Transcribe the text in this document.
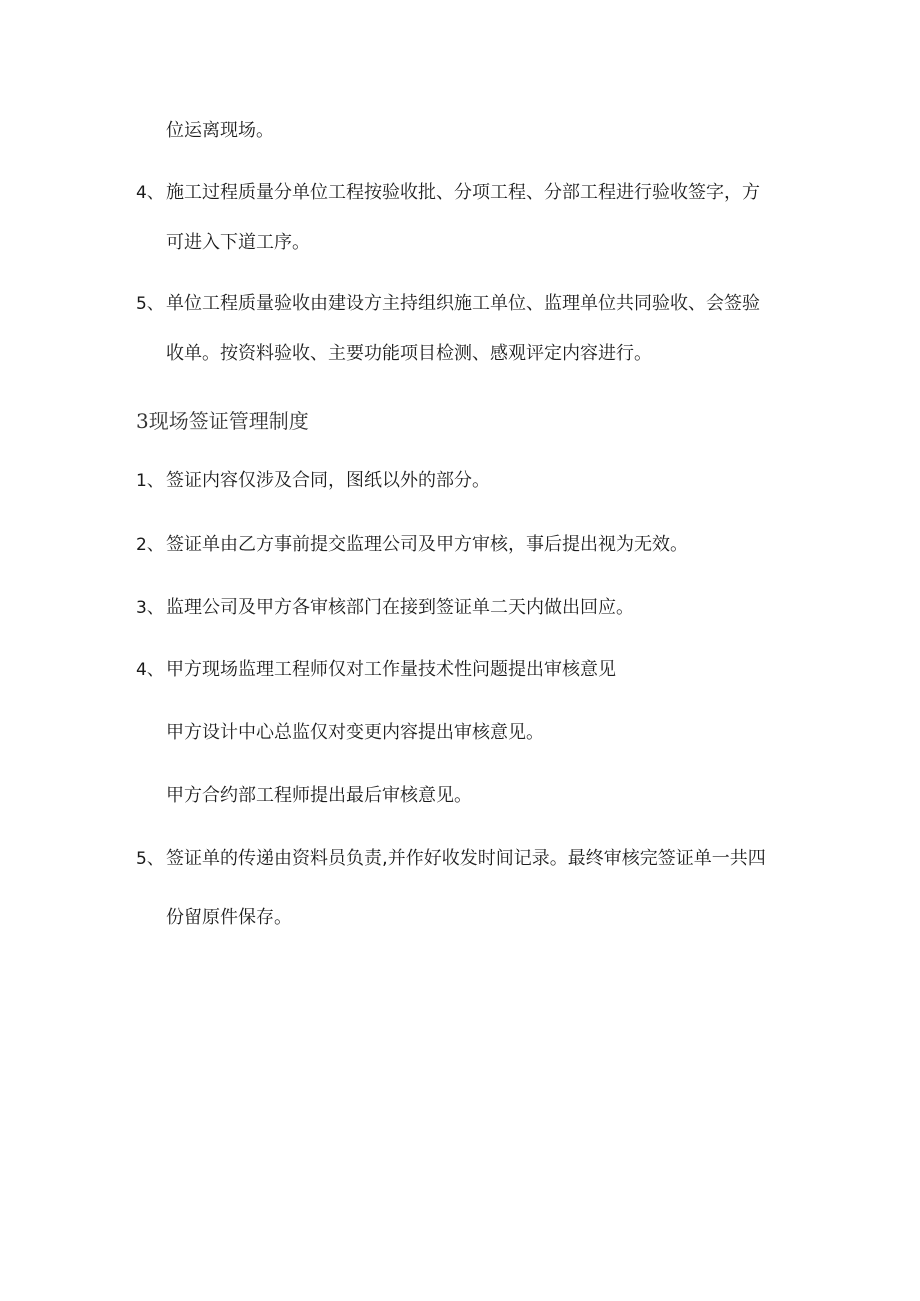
位运离现场。
4、 施工过程质量分单位工程按验收批、分项工程、分部工程进行验收签字，方
可进入下道工序。
5、 单位工程质量验收由建设方主持组织施工单位、监理单位共同验收、会签验
收单。按资料验收、主要功能项目检测、感观评定内容进行。
3现场签证管理制度
1、 签证内容仅涉及合同，图纸以外的部分。
2、 签证单由乙方事前提交监理公司及甲方审核，事后提出视为无效。
3、 监理公司及甲方各审核部门在接到签证单二天内做出回应。
4、 甲方现场监理工程师仅对工作量技术性问题提出审核意见
甲方设计中心总监仅对变更内容提出审核意见。
甲方合约部工程师提出最后审核意见。
5、 签证单的传递由资料员负责,并作好收发时间记录。最终审核完签证单一共四
份留原件保存。
